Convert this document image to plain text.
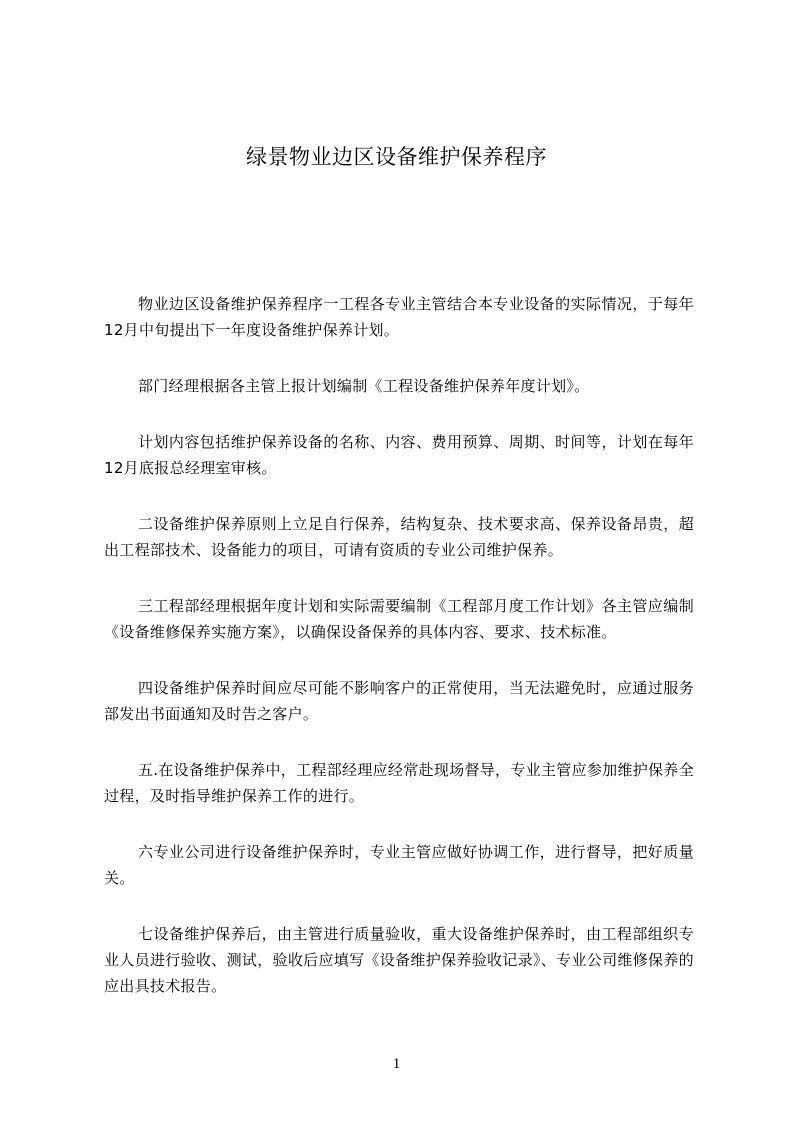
绿景物业边区设备维护保养程序

物业边区设备维护保养程序一工程各专业主管结合本专业设备的实际情况，于每年12月中旬提出下一年度设备维护保养计划。

部门经理根据各主管上报计划编制《工程设备维护保养年度计划》。

计划内容包括维护保养设备的名称、内容、费用预算、周期、时间等，计划在每年12月底报总经理室审核。

二设备维护保养原则上立足自行保养，结构复杂、技术要求高、保养设备昂贵，超出工程部技术、设备能力的项目，可请有资质的专业公司维护保养。

三工程部经理根据年度计划和实际需要编制《工程部月度工作计划》各主管应编制《设备维修保养实施方案》，以确保设备保养的具体内容、要求、技术标准。

四设备维护保养时间应尽可能不影响客户的正常使用，当无法避免时，应通过服务部发出书面通知及时告之客户。

五.在设备维护保养中，工程部经理应经常赴现场督导，专业主管应参加维护保养全过程，及时指导维护保养工作的进行。

六专业公司进行设备维护保养时，专业主管应做好协调工作，进行督导，把好质量关。

七设备维护保养后，由主管进行质量验收，重大设备维护保养时，由工程部组织专业人员进行验收、测试，验收后应填写《设备维护保养验收记录》、专业公司维修保养的应出具技术报告。

1
